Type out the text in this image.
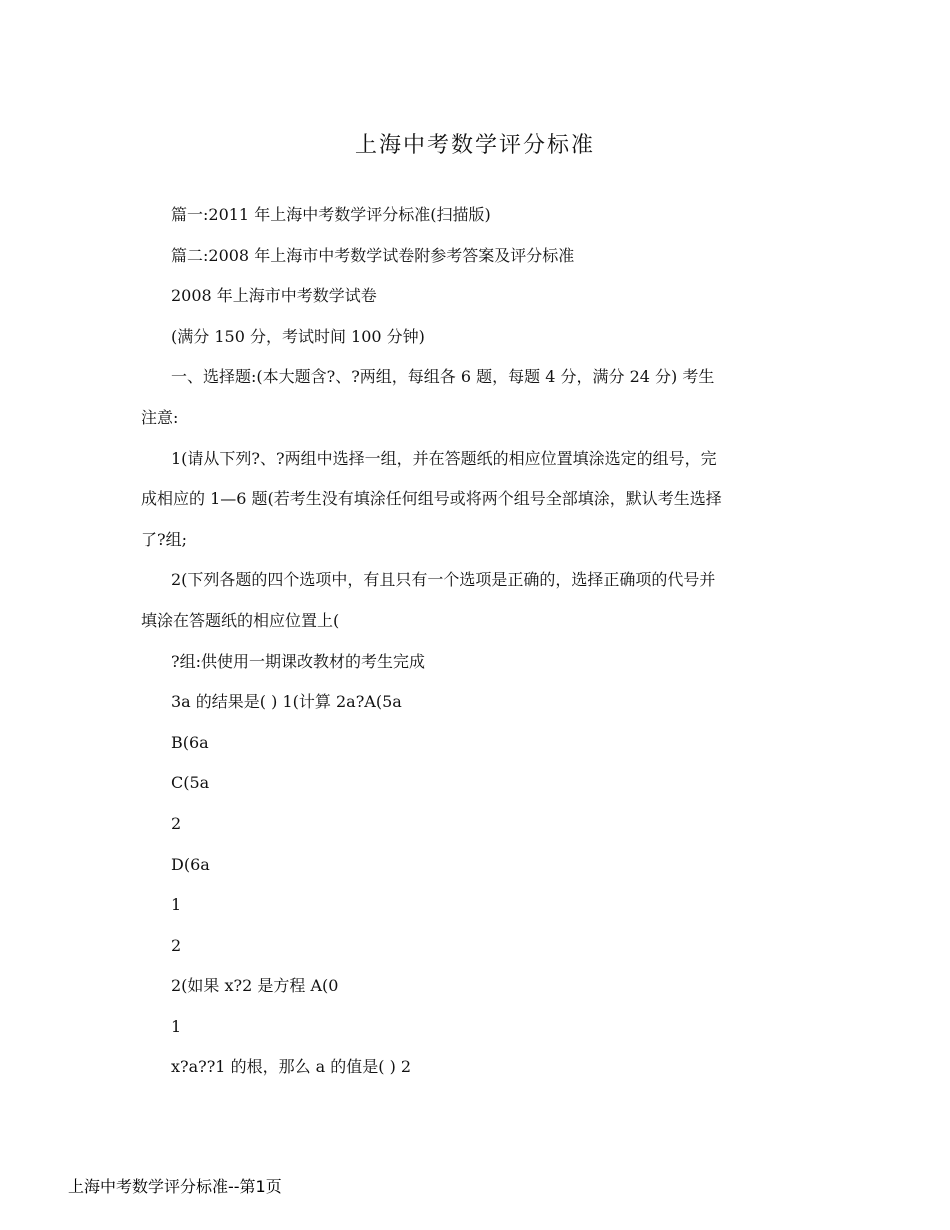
上海中考数学评分标准

篇一:2011 年上海中考数学评分标准(扫描版)

篇二:2008 年上海市中考数学试卷附参考答案及评分标准

2008 年上海市中考数学试卷

(满分 150 分，考试时间 100 分钟)

一、选择题:(本大题含?、?两组，每组各 6 题，每题 4 分，满分 24 分) 考生

注意:

1(请从下列?、?两组中选择一组，并在答题纸的相应位置填涂选定的组号，完

成相应的 1—6 题(若考生没有填涂任何组号或将两个组号全部填涂，默认考生选择

了?组;

2(下列各题的四个选项中，有且只有一个选项是正确的，选择正确项的代号并

填涂在答题纸的相应位置上(

?组:供使用一期课改教材的考生完成

3a 的结果是( ) 1(计算 2a?A(5a

B(6a

C(5a

2

D(6a

1

2

2(如果 x?2 是方程 A(0

1

x?a??1 的根，那么 a 的值是( ) 2

上海中考数学评分标准--第1页
